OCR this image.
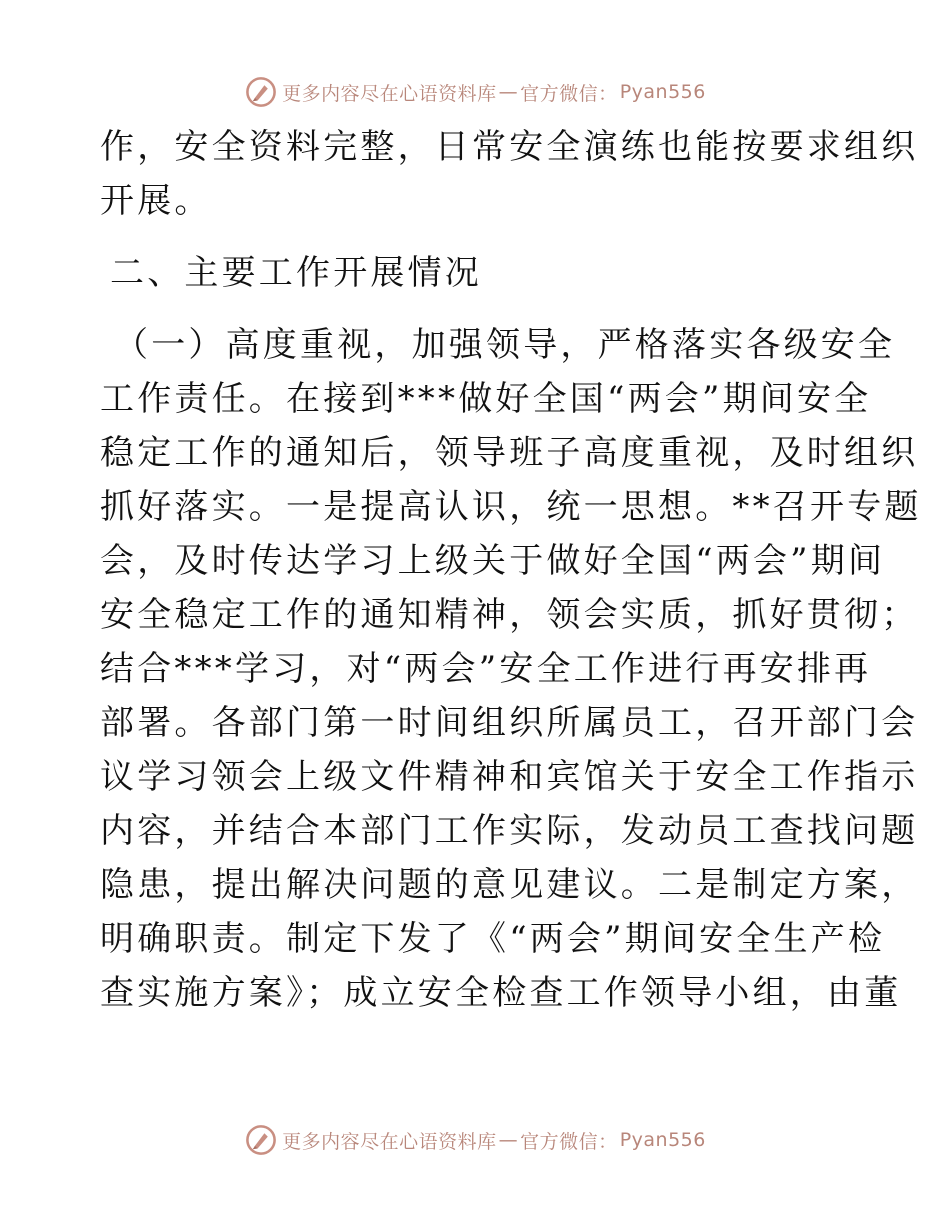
更多内容尽在心语资料库 — 官方微信： Pyan556
作，安全资料完整，日常安全演练也能按要求组织
开展。
二、主要工作开展情况
（一）高度重视，加强领导，严格落实各级安全
工作责任。在接到***做好全国“两会”期间安全
稳定工作的通知后，领导班子高度重视，及时组织
抓好落实。一是提高认识，统一思想。**召开专题
会，及时传达学习上级关于做好全国“两会”期间
安全稳定工作的通知精神，领会实质，抓好贯彻；
结合***学习，对“两会”安全工作进行再安排再
部署。各部门第一时间组织所属员工，召开部门会
议学习领会上级文件精神和宾馆关于安全工作指示
内容，并结合本部门工作实际，发动员工查找问题
隐患，提出解决问题的意见建议。二是制定方案，
明确职责。制定下发了《“两会”期间安全生产检
查实施方案》；成立安全检查工作领导小组，由董
更多内容尽在心语资料库 — 官方微信： Pyan556
